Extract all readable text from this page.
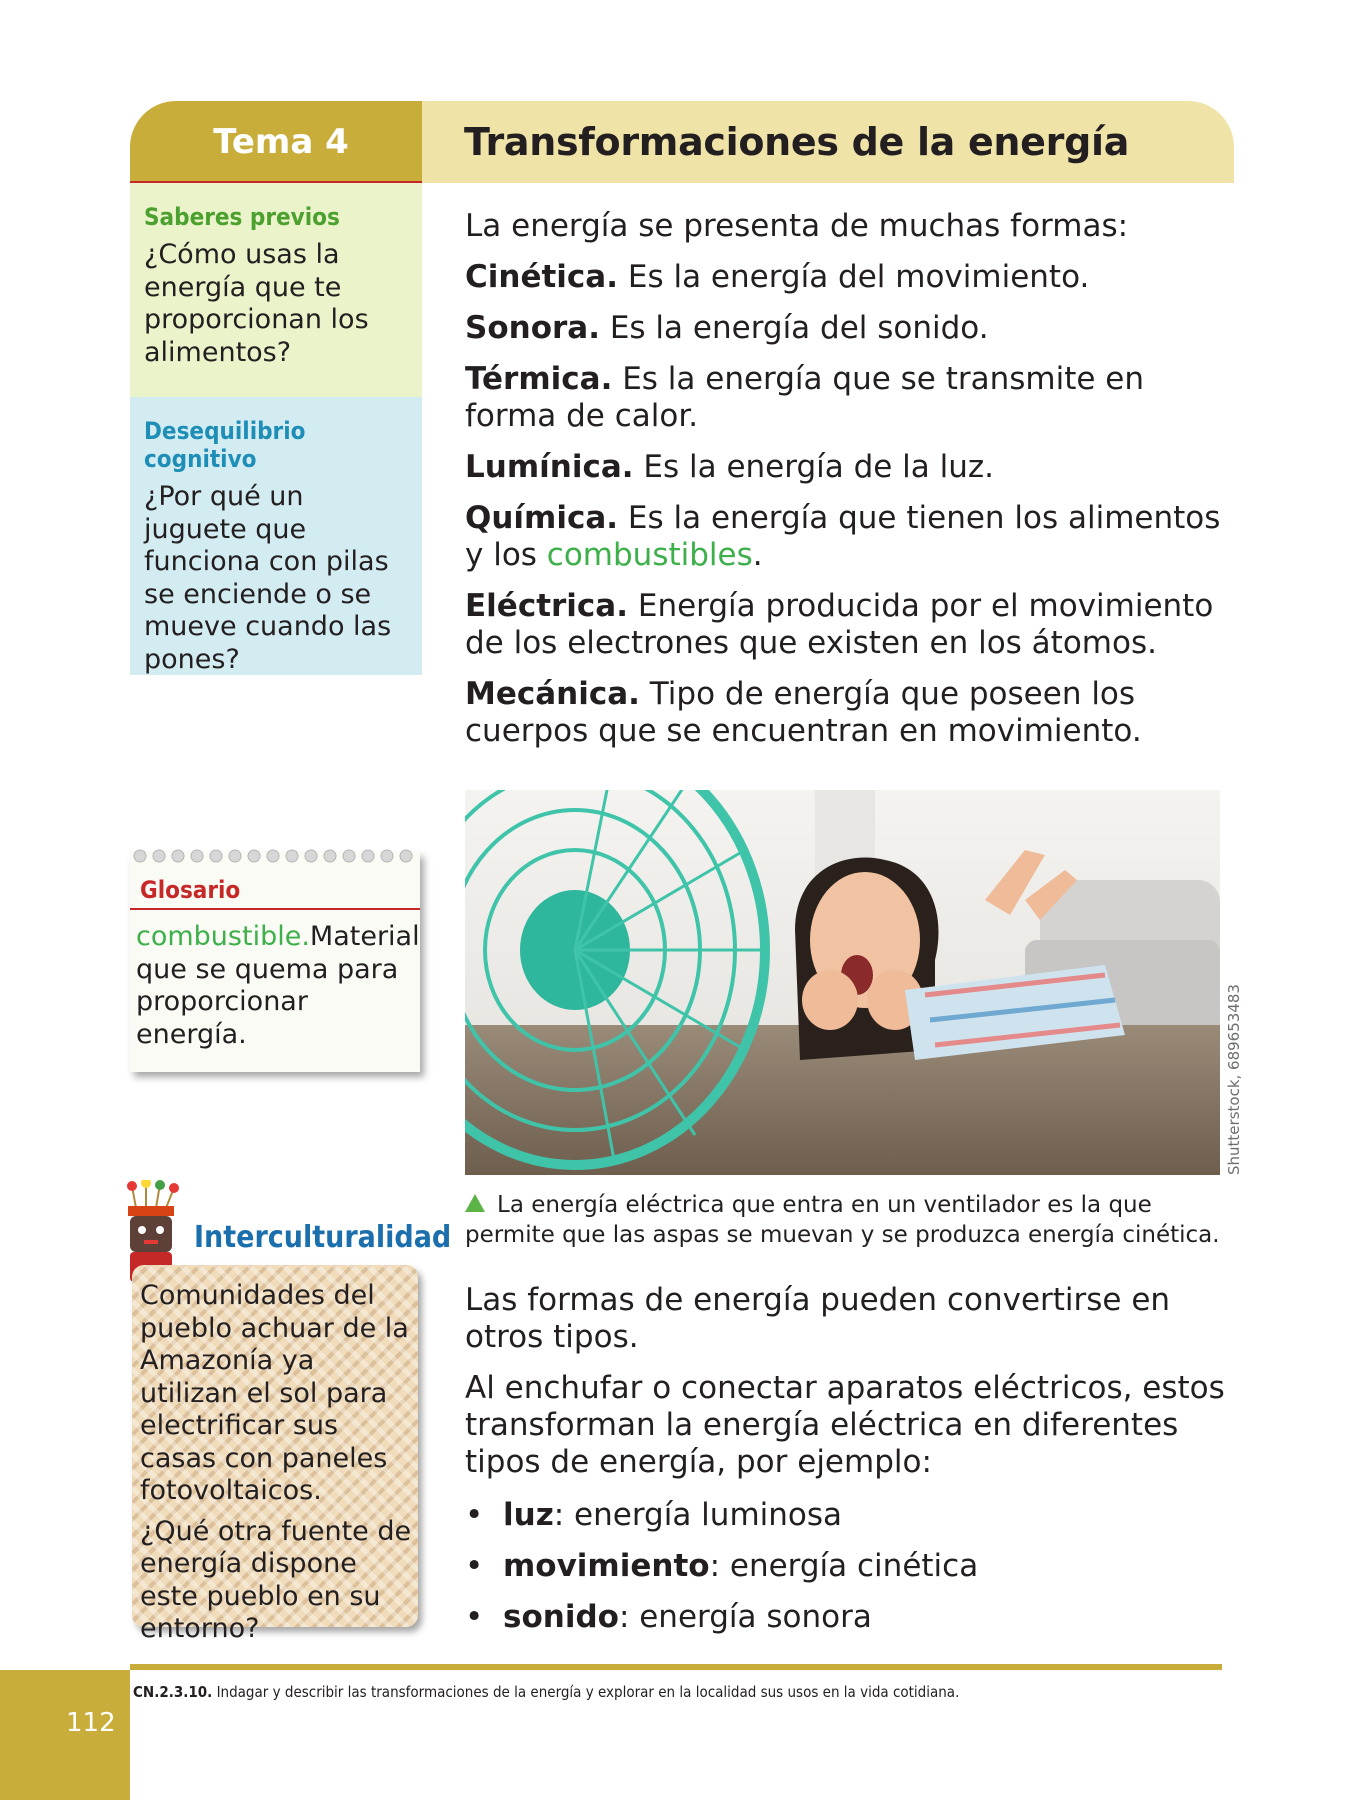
Tema 4	Transformaciones de la energía
Saberes previos
¿Cómo usas la energía que te proporcionan los alimentos?
Desequilibrio cognitivo
¿Por qué un juguete que funciona con pilas se enciende o se mueve cuando las pones?

La energía se presenta de muchas formas:

Cinética. Es la energía del movimiento.

Sonora. Es la energía del sonido.

Térmica. Es la energía que se transmite en forma de calor.

Lumínica. Es la energía de la luz.

Química. Es la energía que tienen los alimentos y los combustibles.

Eléctrica. Energía producida por el movimiento de los electrones que existen en los átomos.

Mecánica. Tipo de energía que poseen los cuerpos que se encuentran en movimiento.

Glosario
combustible.Material que se quema para proporcionar energía.	Shutterstock, 689653483
La energía eléctrica que entra en un ventilador es la que permite que las aspas se muevan y se produzca energía cinética.
Interculturalidad

Comunidades del pueblo achuar de la Amazonía ya utilizan el sol para electrificar sus casas con paneles fotovoltaicos.

¿Qué otra fuente de energía dispone este pueblo en su entorno?

Las formas de energía pueden convertirse en otros tipos.

Al enchufar o conectar aparatos eléctricos, estos transforman la energía eléctrica en diferentes tipos de energía, por ejemplo:

• luz: energía luminosa
• movimiento: energía cinética
• sonido: energía sonora
CN.2.3.10. Indagar y describir las transformaciones de la energía y explorar en la localidad sus usos en la vida cotidiana.
112
